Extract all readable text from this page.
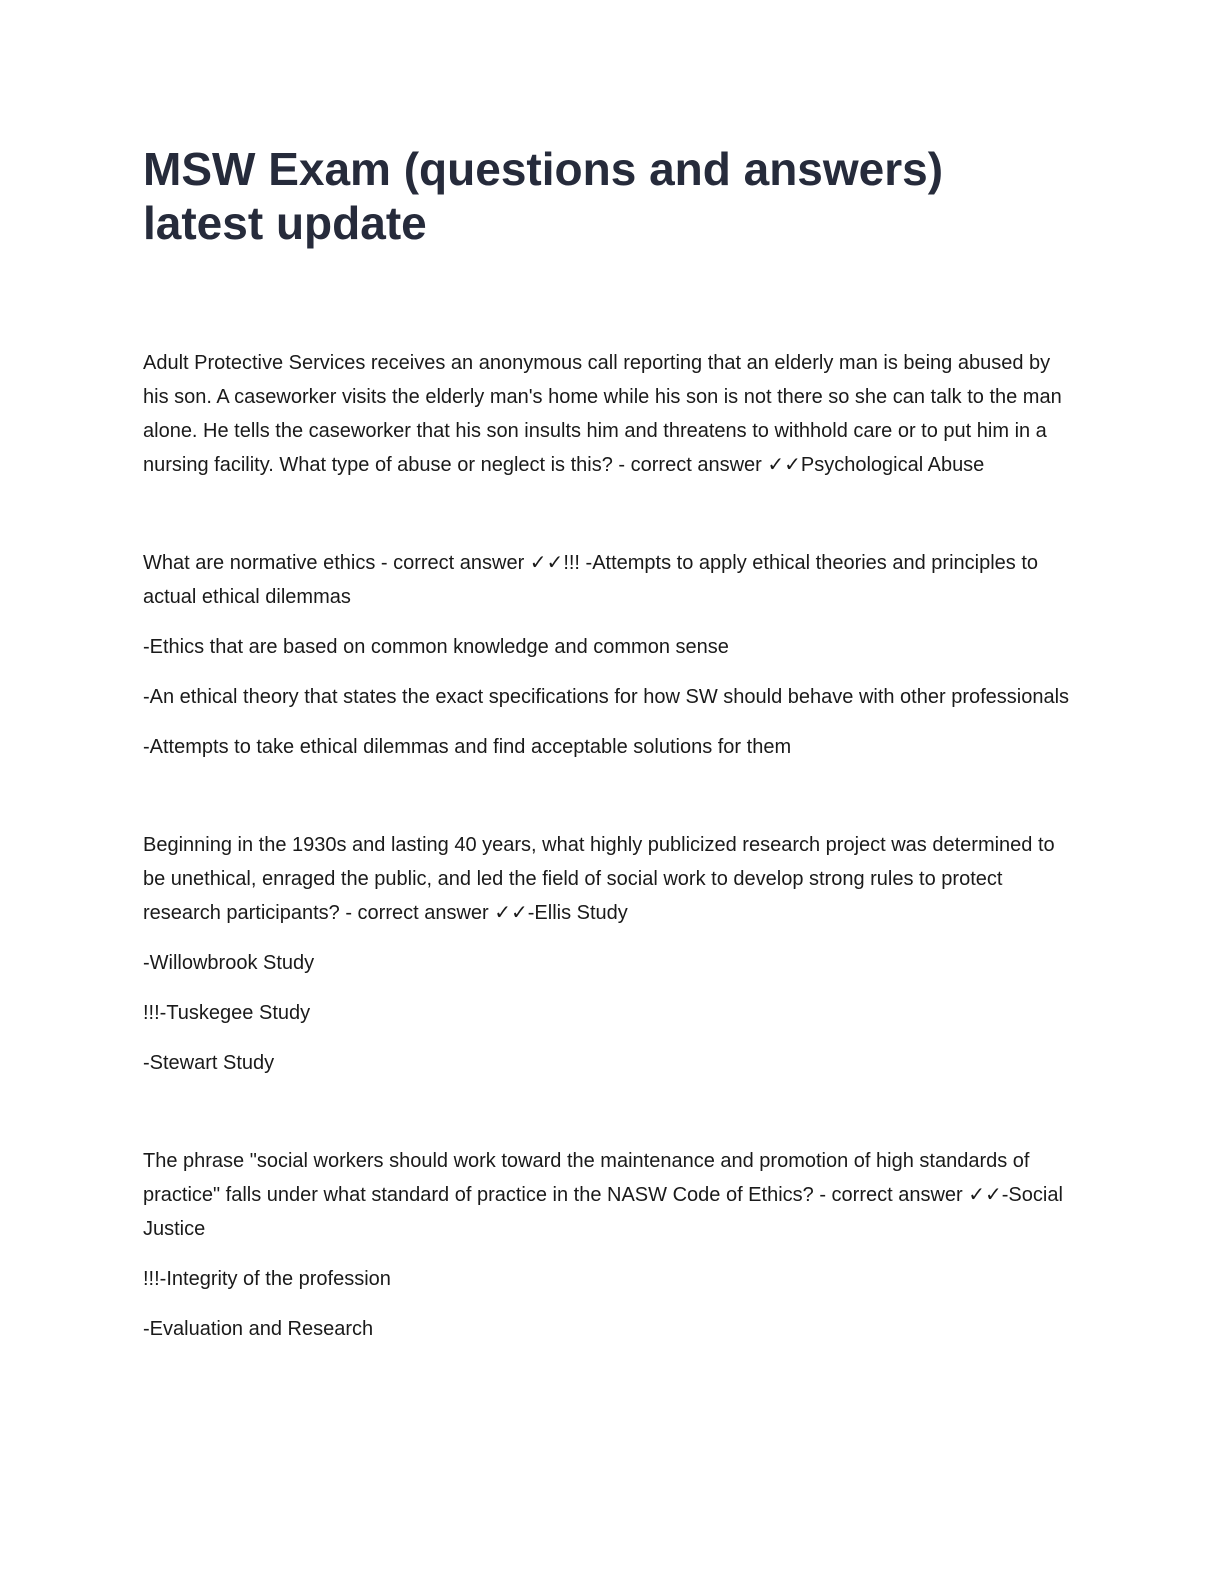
MSW Exam (questions and answers) latest update

Adult Protective Services receives an anonymous call reporting that an elderly man is being abused by his son. A caseworker visits the elderly man's home while his son is not there so she can talk to the man alone. He tells the caseworker that his son insults him and threatens to withhold care or to put him in a nursing facility. What type of abuse or neglect is this? - correct answer ✓✓Psychological Abuse

What are normative ethics - correct answer ✓✓!!! -Attempts to apply ethical theories and principles to actual ethical dilemmas

-Ethics that are based on common knowledge and common sense

-An ethical theory that states the exact specifications for how SW should behave with other professionals

-Attempts to take ethical dilemmas and find acceptable solutions for them

Beginning in the 1930s and lasting 40 years, what highly publicized research project was determined to be unethical, enraged the public, and led the field of social work to develop strong rules to protect research participants? - correct answer ✓✓-Ellis Study

-Willowbrook Study

!!!-Tuskegee Study

-Stewart Study

The phrase "social workers should work toward the maintenance and promotion of high standards of practice" falls under what standard of practice in the NASW Code of Ethics? - correct answer ✓✓-Social Justice

!!!-Integrity of the profession

-Evaluation and Research
